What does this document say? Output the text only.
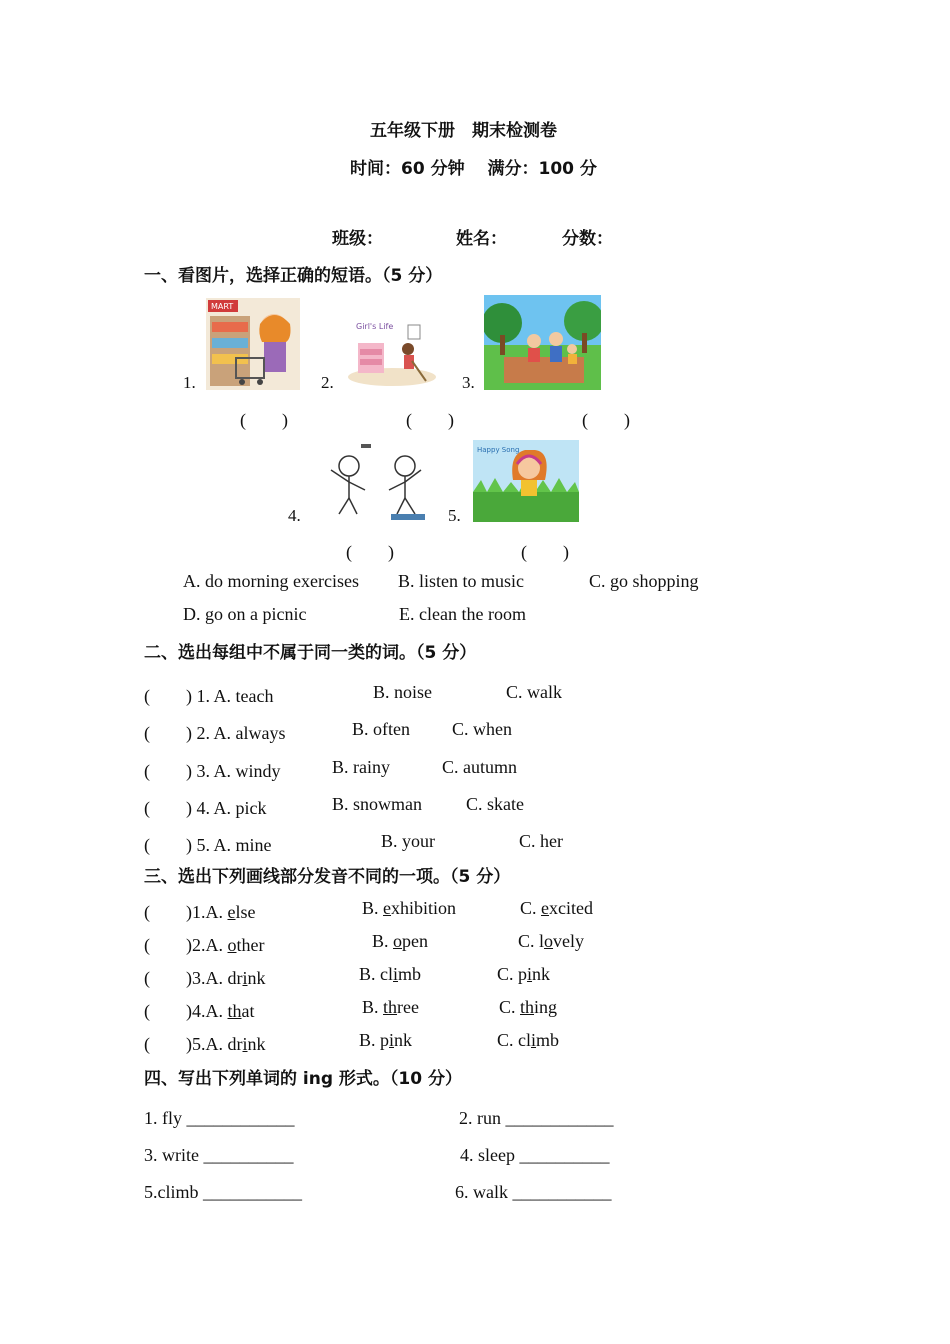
五年级下册　期末检测卷
时间：60 分钟　 满分：100 分
班级：	姓名：	分数：
一、看图片，选择正确的短语。（5 分）
1.
MART
(　　)
2.
Girl's Life
(　　)
3.
(　　)
4.
(　　)
5.
Happy Song
(　　)
A. do morning exercises B. listen to music	C. go shopping
D. go on a picnic	E. clean the room
二、选出每组中不属于同一类的词。（5 分）
(　　) 1. A. teach	B. noise	C. walk
(　　) 2. A. always	B. often C. when
(　　) 3. A. windy	B. rainy	C. autumn
(　　) 4. A. pick	B. snowman C. skate
(　　) 5. A. mine	B. your	C. her
三、选出下列画线部分发音不同的一项。（5 分）
(　　)1.A. else	B. exhibition	C. excited
(　　)2.A. other	B. open	C. lovely
(　　)3.A. drink	B. climb	C. pink
(　　)4.A. that	B. three	C. thing
(　　)5.A. drink	B. pink	C. climb
四、写出下列单词的 ing 形式。（10 分）
1. fly ____________	2. run ____________
3. write __________	4. sleep __________
5.climb ___________	6. walk ___________
